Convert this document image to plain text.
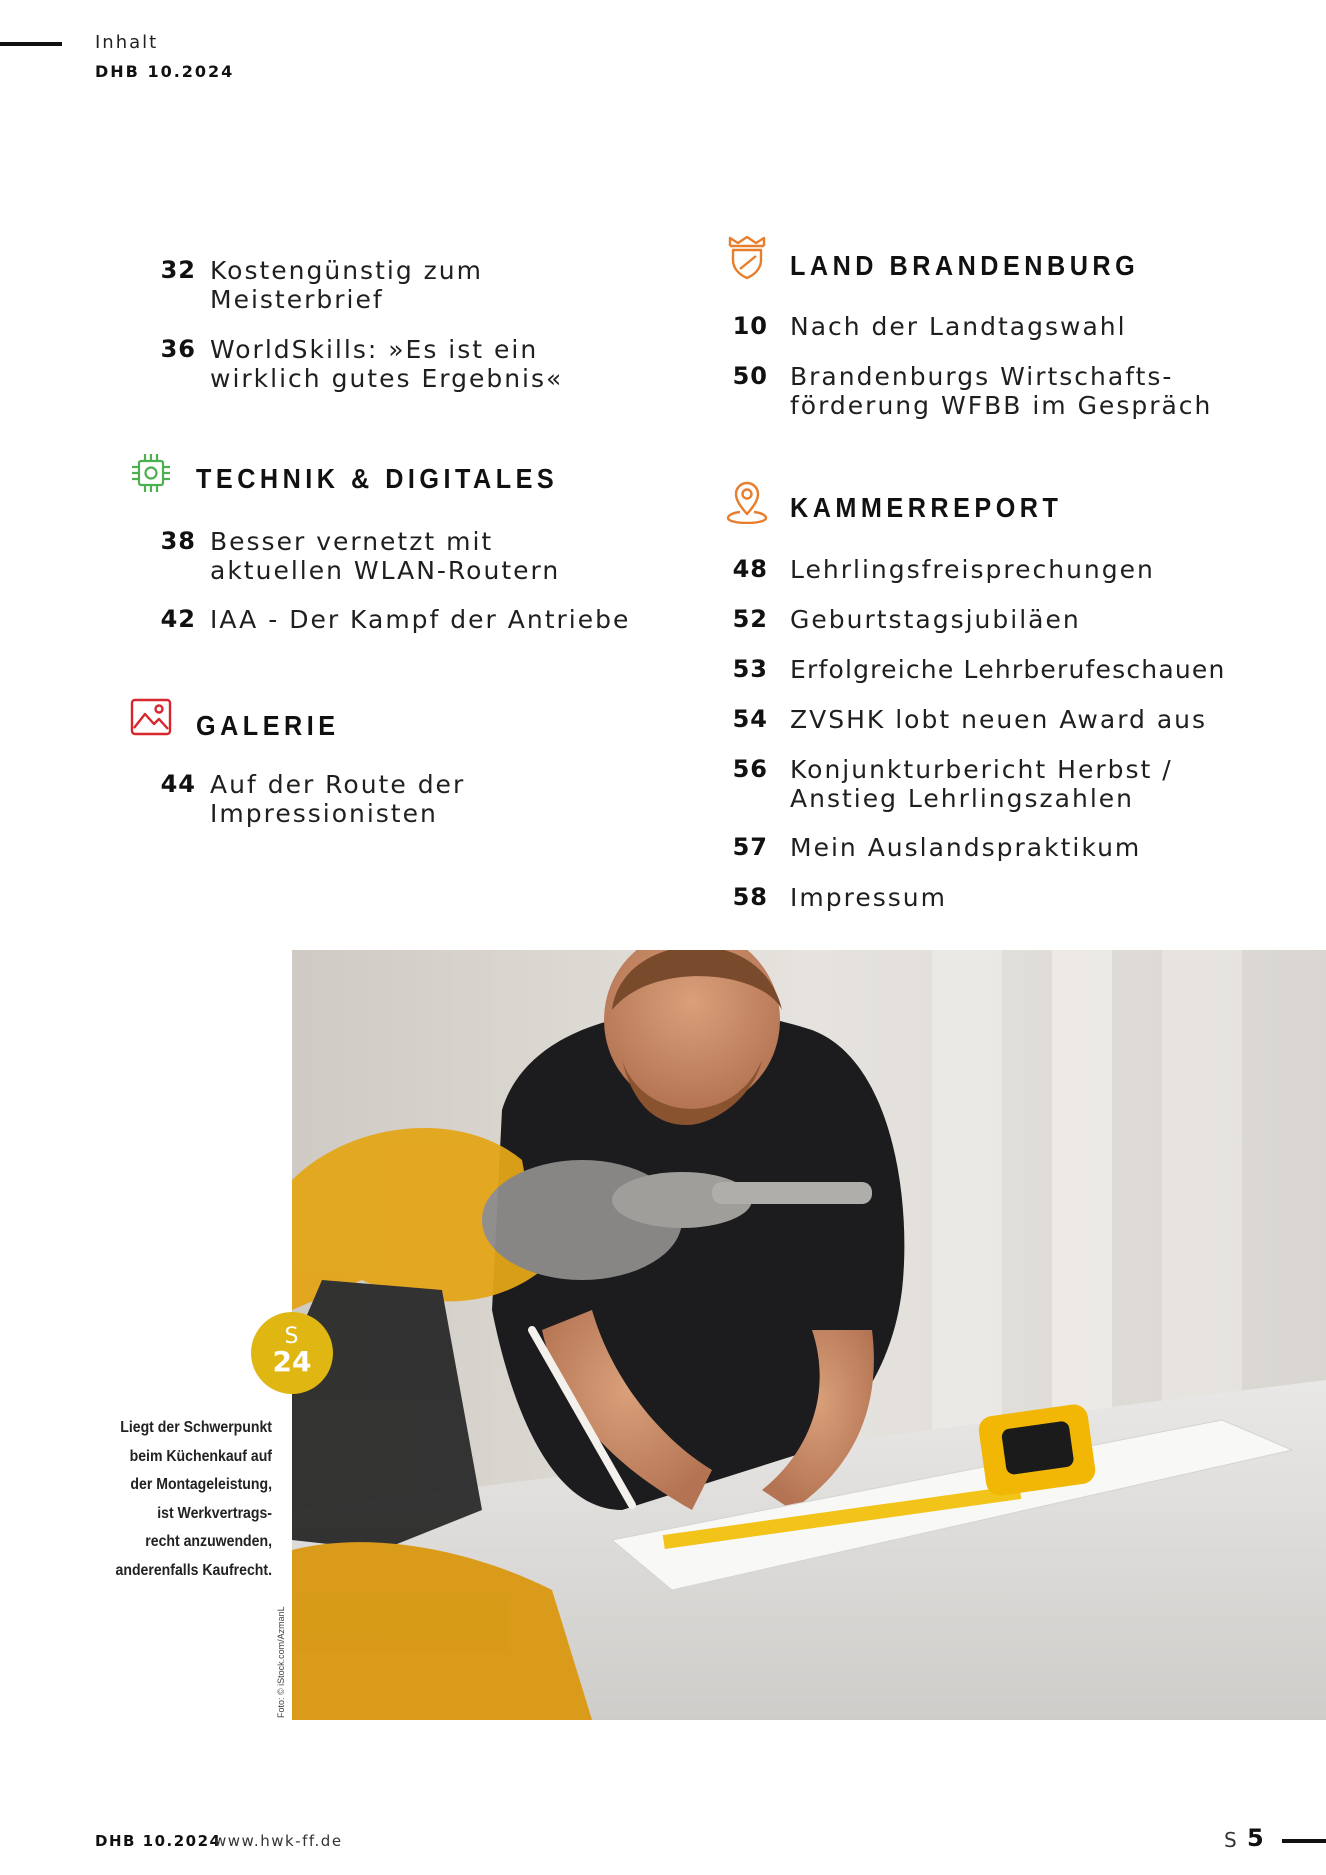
Inhalt
DHB 10.2024
32 Kostengünstig zum
Meisterbrief
36 WorldSkills: »Es ist ein
wirklich gutes Ergebnis«
TECHNIK & DIGITALES
38 Besser vernetzt mit
aktuellen WLAN-Routern
42 IAA - Der Kampf der Antriebe
GALERIE
44 Auf der Route der
Impressionisten
LAND BRANDENBURG
10 Nach der Landtagswahl
50 Brandenburgs Wirtschafts-
förderung WFBB im Gespräch
KAMMERREPORT
48 Lehrlingsfreisprechungen
52 Geburtstagsjubiläen
53 Erfolgreiche Lehrberufeschauen
54 ZVSHK lobt neuen Award aus
56 Konjunkturbericht Herbst /
Anstieg Lehrlingszahlen
57 Mein Auslandspraktikum
58 Impressum
S
24
Liegt der Schwerpunkt
beim Küchenkauf auf
der Montageleistung,
ist Werkvertrags-
recht anzuwenden,
anderenfalls Kaufrecht.
Foto: © iStock.com/AzmanL
DHB 10.2024
www.hwk-ff.de	S 5
